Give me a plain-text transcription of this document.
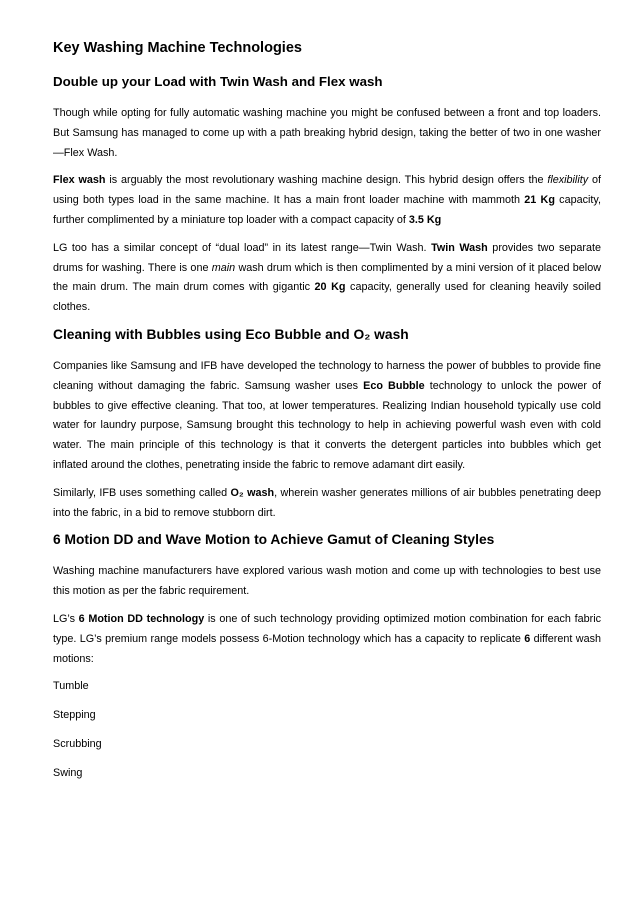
Key Washing Machine Technologies
Double up your Load with Twin Wash and Flex wash

Though while opting for fully automatic washing machine you might be confused between a front and top loaders. But Samsung has managed to come up with a path breaking hybrid design, taking the better of two in one washer—Flex Wash.

Flex wash is arguably the most revolutionary washing machine design. This hybrid design offers the flexibility of using both types load in the same machine. It has a main front loader machine with mammoth 21 Kg capacity, further complimented by a miniature top loader with a compact capacity of 3.5 Kg

LG too has a similar concept of “dual load” in its latest range—Twin Wash. Twin Wash provides two separate drums for washing. There is one main wash drum which is then complimented by a mini version of it placed below the main drum. The main drum comes with gigantic 20 Kg capacity, generally used for cleaning heavily soiled clothes.

Cleaning with Bubbles using Eco Bubble and O₂ wash

Companies like Samsung and IFB have developed the technology to harness the power of bubbles to provide fine cleaning without damaging the fabric. Samsung washer uses Eco Bubble technology to unlock the power of bubbles to give effective cleaning. That too, at lower temperatures. Realizing Indian household typically use cold water for laundry purpose, Samsung brought this technology to help in achieving powerful wash even with cold water. The main principle of this technology is that it converts the detergent particles into bubbles which get inflated around the clothes, penetrating inside the fabric to remove adamant dirt easily.

Similarly, IFB uses something called O₂ wash, wherein washer generates millions of air bubbles penetrating deep into the fabric, in a bid to remove stubborn dirt.

6 Motion DD and Wave Motion to Achieve Gamut of Cleaning Styles

Washing machine manufacturers have explored various wash motion and come up with technologies to best use this motion as per the fabric requirement.

LG’s 6 Motion DD technology is one of such technology providing optimized motion combination for each fabric type. LG’s premium range models possess 6-Motion technology which has a capacity to replicate 6 different wash motions:

Tumble

Stepping

Scrubbing

Swing
